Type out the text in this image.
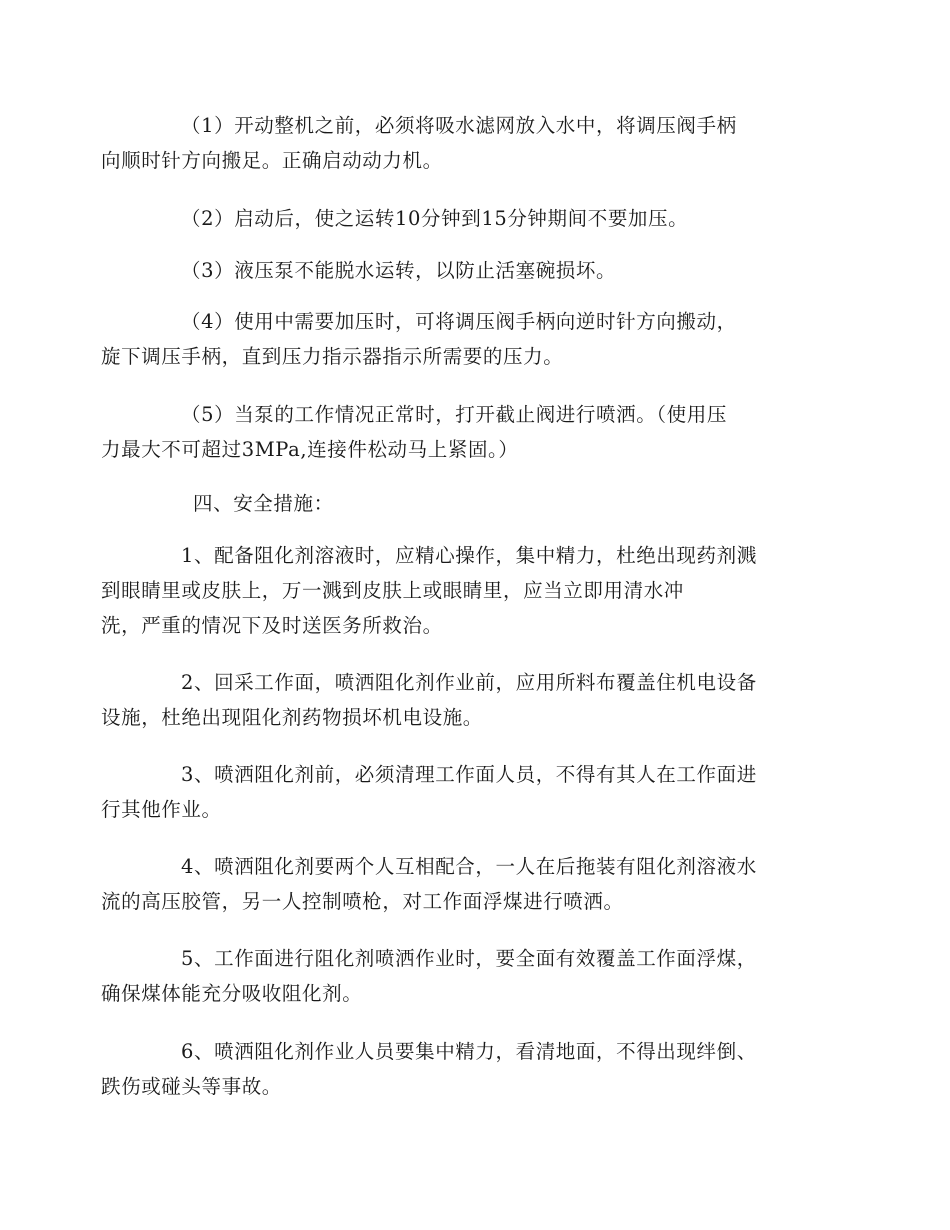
（1）开动整机之前，必须将吸水滤网放入水中，将调压阀手柄
向顺时针方向搬足。正确启动动力机。

（2）启动后，使之运转10分钟到15分钟期间不要加压。

（3）液压泵不能脱水运转，以防止活塞碗损坏。

（4）使用中需要加压时，可将调压阀手柄向逆时针方向搬动，
旋下调压手柄，直到压力指示器指示所需要的压力。

（5）当泵的工作情况正常时，打开截止阀进行喷洒。（使用压
力最大不可超过3MPa,连接件松动马上紧固。）

四、安全措施：

1、配备阻化剂溶液时，应精心操作，集中精力，杜绝出现药剂溅
到眼睛里或皮肤上，万一溅到皮肤上或眼睛里，应当立即用清水冲
洗，严重的情况下及时送医务所救治。

2、回采工作面，喷洒阻化剂作业前，应用所料布覆盖住机电设备
设施，杜绝出现阻化剂药物损坏机电设施。

3、喷洒阻化剂前，必须清理工作面人员，不得有其人在工作面进
行其他作业。

4、喷洒阻化剂要两个人互相配合，一人在后拖装有阻化剂溶液水
流的高压胶管，另一人控制喷枪，对工作面浮煤进行喷洒。

5、工作面进行阻化剂喷洒作业时，要全面有效覆盖工作面浮煤，
确保煤体能充分吸收阻化剂。

6、喷洒阻化剂作业人员要集中精力，看清地面，不得出现绊倒、
跌伤或碰头等事故。
